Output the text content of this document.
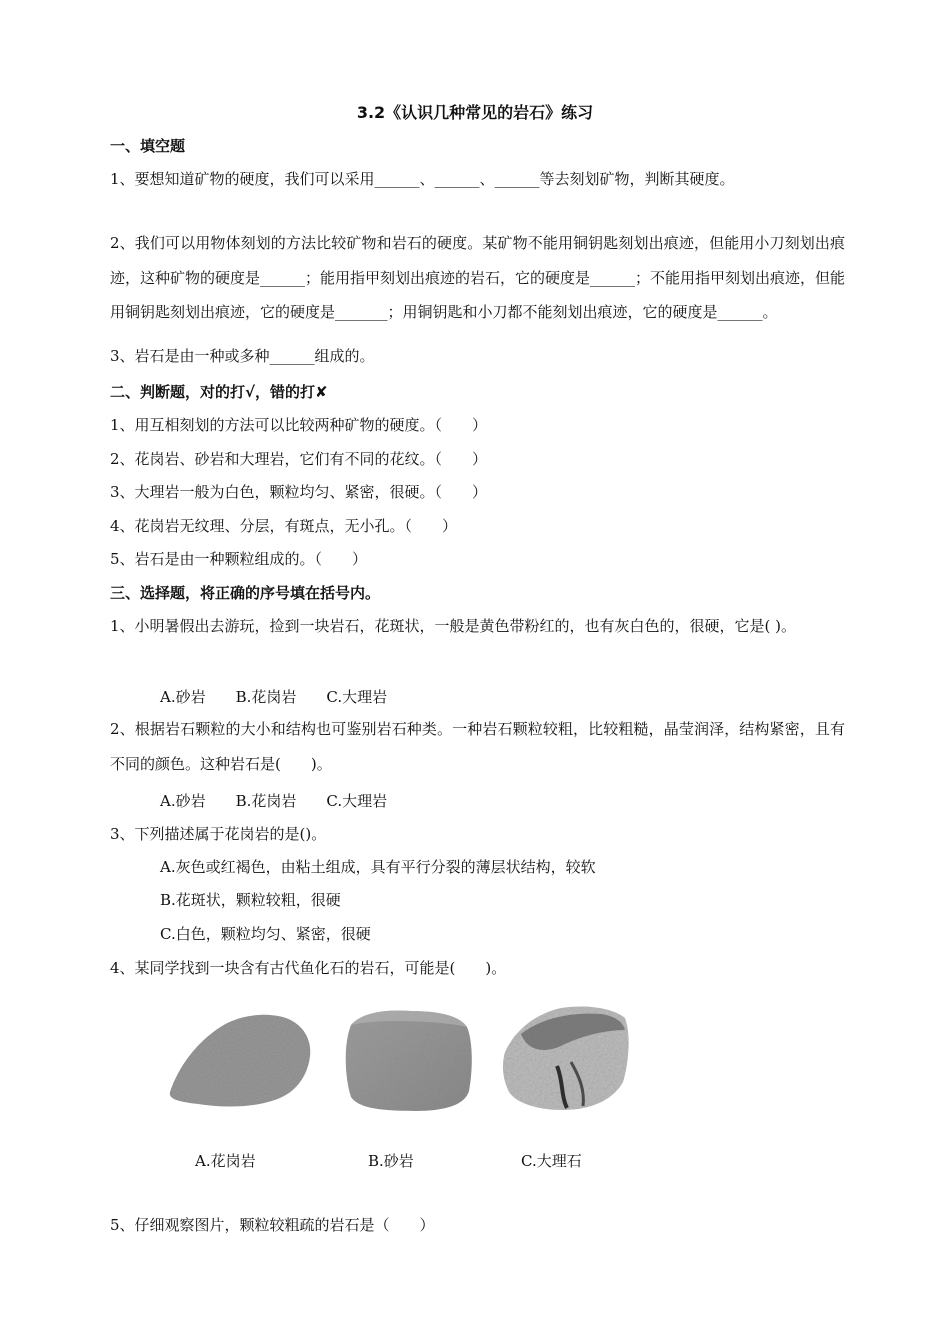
3.2《认识几种常见的岩石》练习
一、填空题
1、要想知道矿物的硬度，我们可以采用______、______、______等去刻划矿物，判断其硬度。
2、我们可以用物体刻划的方法比较矿物和岩石的硬度。某矿物不能用铜钥匙刻划出痕迹，但能用小刀刻划出痕迹，这种矿物的硬度是______；能用指甲刻划出痕迹的岩石，它的硬度是______；不能用指甲刻划出痕迹，但能用铜钥匙刻划出痕迹，它的硬度是_______；用铜钥匙和小刀都不能刻划出痕迹，它的硬度是______。
3、岩石是由一种或多种______组成的。
二、判断题，对的打√，错的打✘
1、用互相刻划的方法可以比较两种矿物的硬度。（　　）
2、花岗岩、砂岩和大理岩，它们有不同的花纹。（　　）
3、大理岩一般为白色，颗粒均匀、紧密，很硬。（　　）
4、花岗岩无纹理、分层，有斑点，无小孔。（　　）
5、岩石是由一种颗粒组成的。（　　）
三、选择题，将正确的序号填在括号内。
1、小明暑假出去游玩，捡到一块岩石，花斑状，一般是黄色带粉红的，也有灰白色的，很硬，它是( )。
A.砂岩　　B.花岗岩　　C.大理岩
2、根据岩石颗粒的大小和结构也可鉴别岩石种类。一种岩石颗粒较粗，比较粗糙，晶莹润泽，结构紧密，且有不同的颜色。这种岩石是(　　)。
A.砂岩　　B.花岗岩　　C.大理岩
3、下列描述属于花岗岩的是()。
A.灰色或红褐色，由粘土组成，具有平行分裂的薄层状结构，较软
B.花斑状，颗粒较粗，很硬
C.白色，颗粒均匀、紧密，很硬
4、某同学找到一块含有古代鱼化石的岩石，可能是(　　)。
A.花岗岩	B.砂岩	C.大理石
5、仔细观察图片，颗粒较粗疏的岩石是（　　）
